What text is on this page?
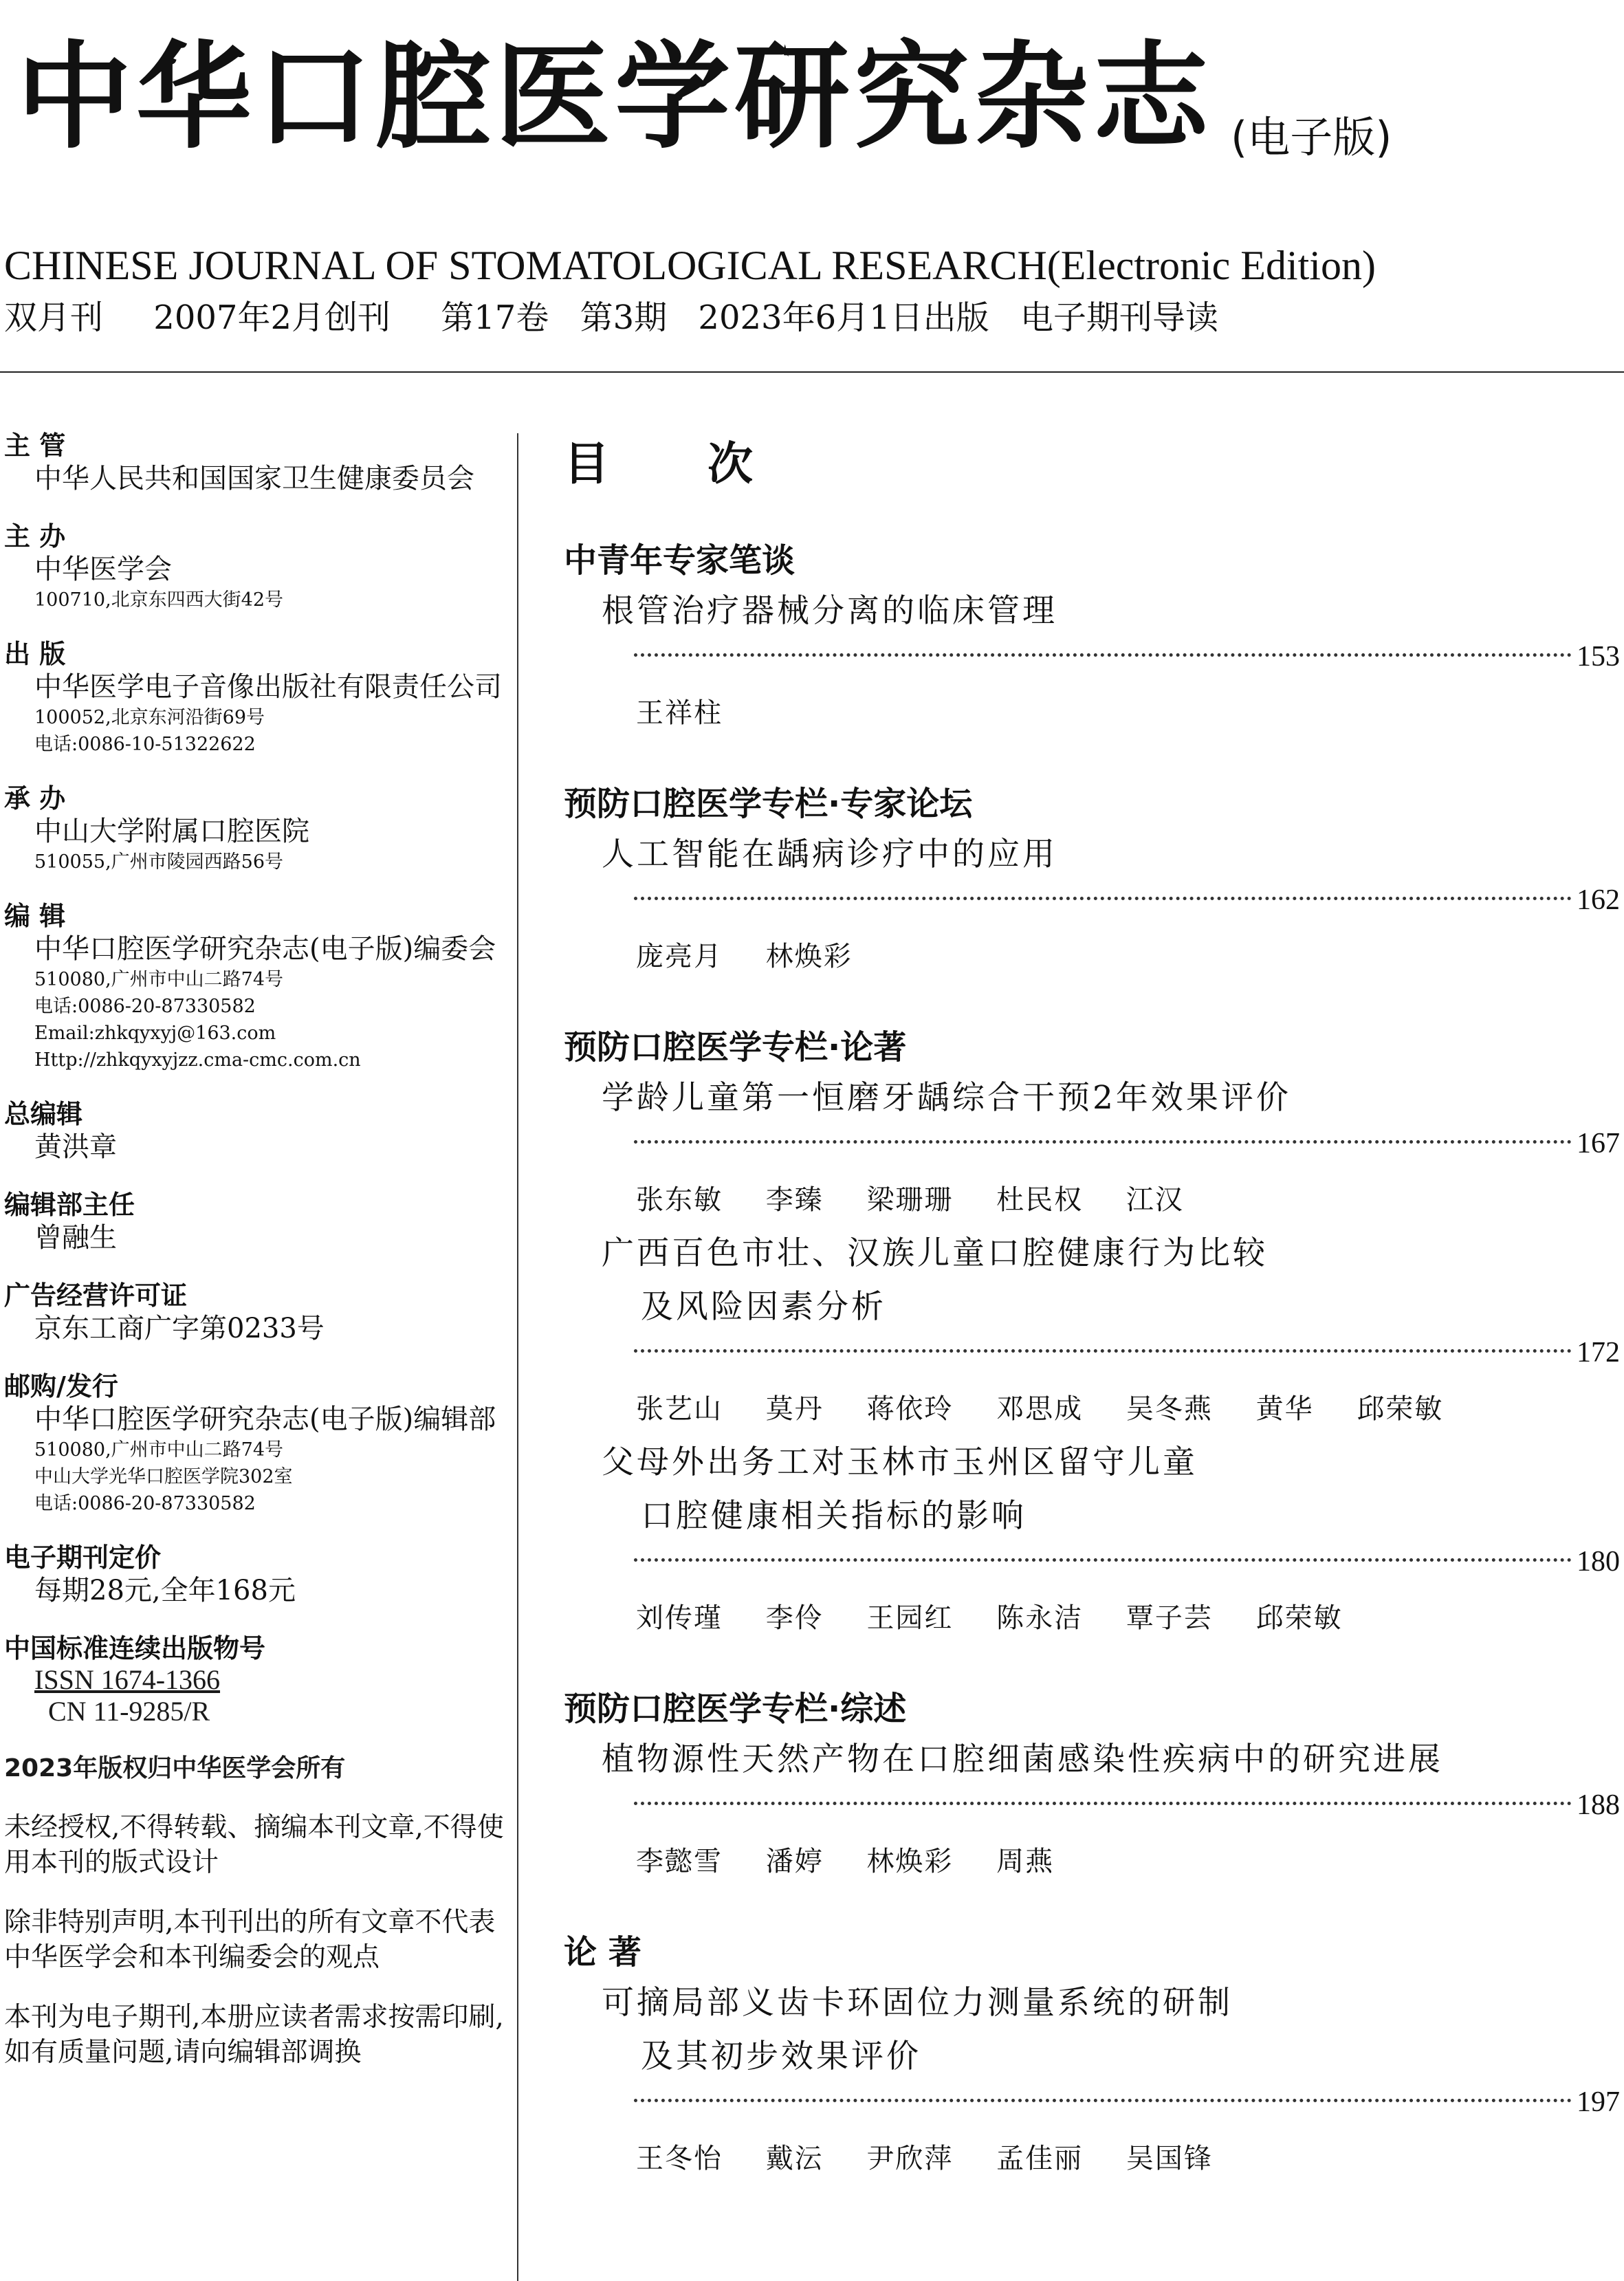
中华口腔医学研究杂志 (电子版)
CHINESE JOURNAL OF STOMATOLOGICAL RESEARCH(Electronic Edition)
双月刊 2007年2月创刊 第17卷 第3期 2023年6月1日出版 电子期刊导读
主 管
中华人民共和国国家卫生健康委员会
主 办
中华医学会
100710,北京东四西大街42号
出 版
中华医学电子音像出版社有限责任公司
100052,北京东河沿街69号
电话:0086-10-51322622
承 办
中山大学附属口腔医院
510055,广州市陵园西路56号
编 辑
中华口腔医学研究杂志(电子版)编委会
510080,广州市中山二路74号
电话:0086-20-87330582
Email:zhkqyxyj@163.com
Http://zhkqyxyjzz.cma-cmc.com.cn
总编辑
黄洪章
编辑部主任
曾融生
广告经营许可证
京东工商广字第0233号
邮购/发行
中华口腔医学研究杂志(电子版)编辑部
510080,广州市中山二路74号
中山大学光华口腔医学院302室
电话:0086-20-87330582
电子期刊定价
每期28元,全年168元
中国标准连续出版物号
ISSN 1674-1366
CN 11-9285/R
2023年版权归中华医学会所有
未经授权,不得转载、摘编本刊文章,不得使用本刊的版式设计
除非特别声明,本刊刊出的所有文章不代表中华医学会和本刊编委会的观点
本刊为电子期刊,本册应读者需求按需印刷,如有质量问题,请向编辑部调换
目 次
中青年专家笔谈
根管治疗器械分离的临床管理
153
王祥柱
预防口腔医学专栏·专家论坛
人工智能在龋病诊疗中的应用
162
庞亮月 林焕彩
预防口腔医学专栏·论著
学龄儿童第一恒磨牙龋综合干预2年效果评价
167
张东敏 李臻 梁珊珊 杜民权 江汉
广西百色市壮、汉族儿童口腔健康行为比较
及风险因素分析
172
张艺山 莫丹 蒋依玲 邓思成 吴冬燕 黄华 邱荣敏
父母外出务工对玉林市玉州区留守儿童
口腔健康相关指标的影响
180
刘传瑾 李伶 王园红 陈永洁 覃子芸 邱荣敏
预防口腔医学专栏·综述
植物源性天然产物在口腔细菌感染性疾病中的研究进展
188
李懿雪 潘婷 林焕彩 周燕
论 著
可摘局部义齿卡环固位力测量系统的研制
及其初步效果评价
197
王冬怡 戴沄 尹欣萍 孟佳丽 吴国锋
